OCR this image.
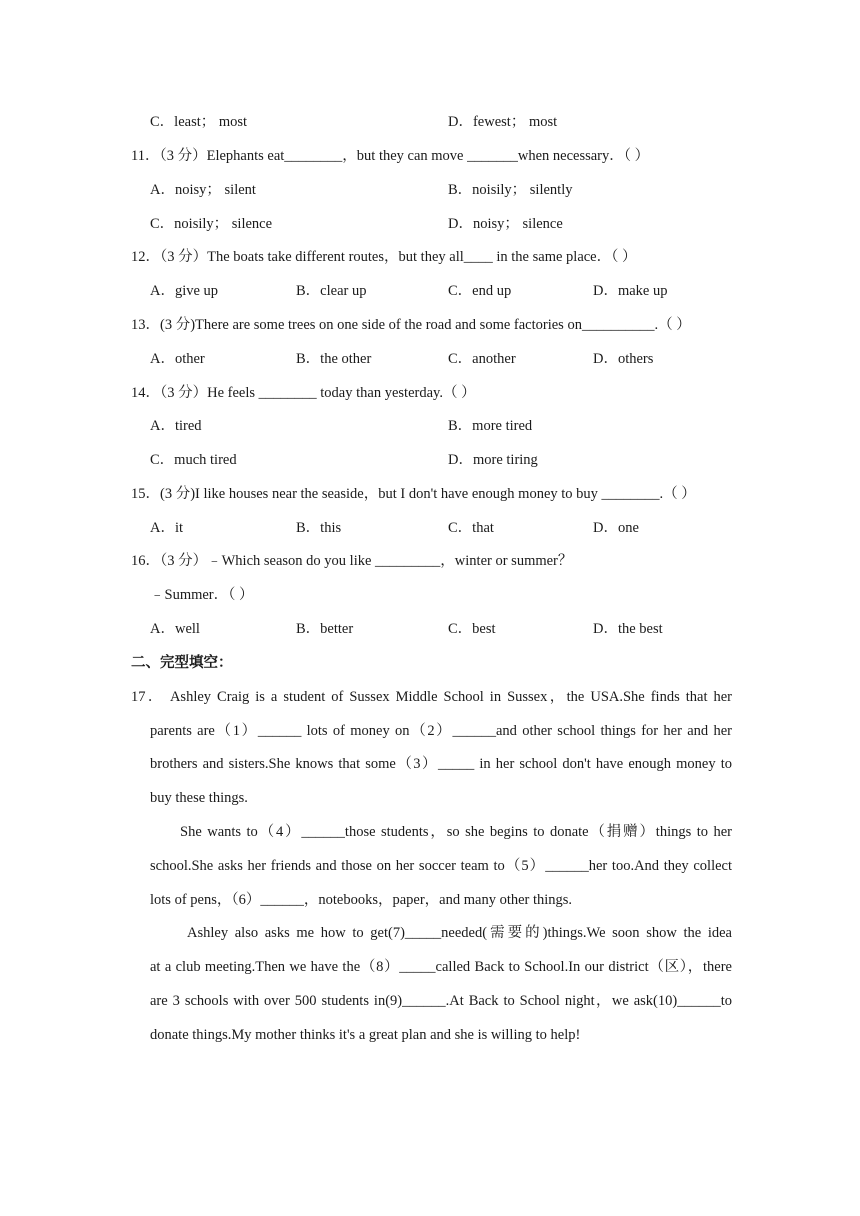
C．least； most	D．fewest； most
11．（3 分）Elephants eat________，but they can move _______when necessary．（ ）
A．noisy； silent	B．noisily； silently
C．noisily； silence	D．noisy； silence
12．（3 分）The boats take different routes，but they all____ in the same place．（ ）
A．give up	B．clear up	C．end up	D．make up
13．(3 分)There are some trees on one side of the road and some factories on__________.（ ）
A．other	B．the other	C．another	D．others
14．（3 分）He feels ________ today than yesterday.（ ）
A．tired	B．more tired
C．much tired	D．more tiring
15．(3 分)I like houses near the seaside，but I don't have enough money to buy ________.（ ）
A．it	B．this	C．that	D．one
16．（3 分）﹣Which season do you like _________，winter or summer？
﹣Summer．（ ）
A．well	B．better	C．best	D．the best
二、完型填空：
17． Ashley Craig is a student of Sussex Middle School in Sussex，the USA.She finds that her
parents are（1）______ lots of money on（2）______and other school things for her and her
brothers and sisters.She knows that some（3）_____ in her school don't have enough money to
buy these things.
She wants to（4）______those students，so she begins to donate（捐赠）things to her
school.She asks her friends and those on her soccer team to（5）______her too.And they collect
lots of pens，（6）______，notebooks，paper，and many other things.
Ashley also asks me how to get(7)_____needed(需要的)things.We soon show the idea
at a club meeting.Then we have the（8）_____called Back to School.In our district（区），there
are 3 schools with over 500 students in(9)______.At Back to School night，we ask(10)______to
donate things.My mother thinks it's a great plan and she is willing to help!
